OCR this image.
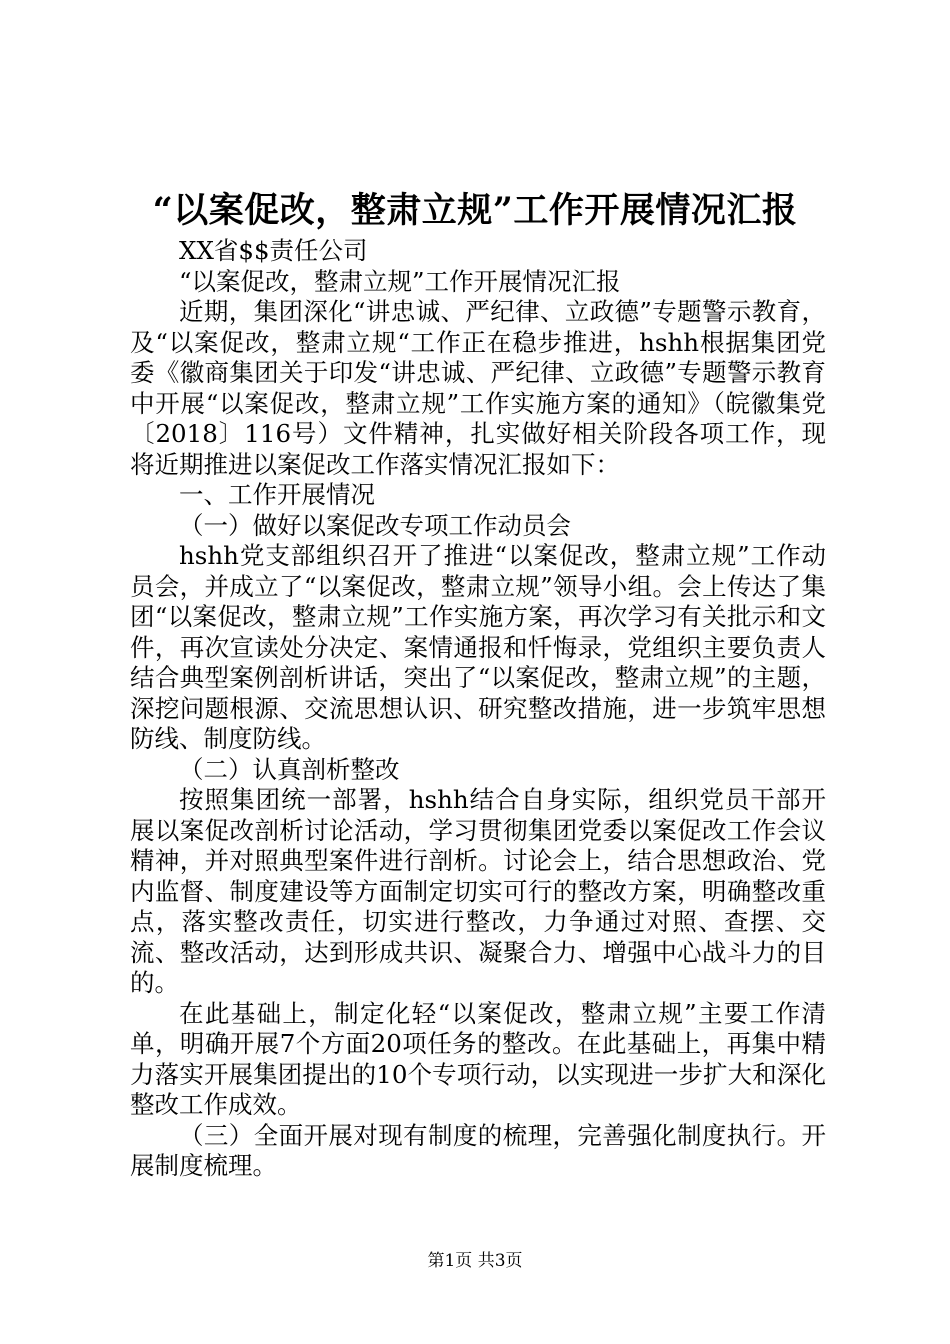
“以案促改，整肃立规”工作开展情况汇报

XX省$$责任公司

“以案促改，整肃立规”工作开展情况汇报

近期，集团深化“讲忠诚、严纪律、立政德”专题警示教育，及“以案促改，整肃立规“工作正在稳步推进，hshh根据集团党委《徽商集团关于印发“讲忠诚、严纪律、立政德”专题警示教育中开展“以案促改，整肃立规”工作实施方案的通知》（皖徽集党〔2018〕116号）文件精神，扎实做好相关阶段各项工作，现将近期推进以案促改工作落实情况汇报如下：

一、工作开展情况

（一）做好以案促改专项工作动员会

hshh党支部组织召开了推进“以案促改，整肃立规”工作动员会，并成立了“以案促改，整肃立规”领导小组。会上传达了集团“以案促改，整肃立规”工作实施方案，再次学习有关批示和文件，再次宣读处分决定、案情通报和忏悔录，党组织主要负责人结合典型案例剖析讲话，突出了“以案促改，整肃立规”的主题，深挖问题根源、交流思想认识、研究整改措施，进一步筑牢思想防线、制度防线。

（二）认真剖析整改

按照集团统一部署，hshh结合自身实际，组织党员干部开展以案促改剖析讨论活动，学习贯彻集团党委以案促改工作会议精神，并对照典型案件进行剖析。讨论会上，结合思想政治、党内监督、制度建设等方面制定切实可行的整改方案，明确整改重点，落实整改责任，切实进行整改，力争通过对照、查摆、交流、整改活动，达到形成共识、凝聚合力、增强中心战斗力的目的。

在此基础上，制定化轻“以案促改，整肃立规”主要工作清单，明确开展7个方面20项任务的整改。在此基础上，再集中精力落实开展集团提出的10个专项行动，以实现进一步扩大和深化整改工作成效。

（三）全面开展对现有制度的梳理，完善强化制度执行。开展制度梳理。

第1页 共3页
